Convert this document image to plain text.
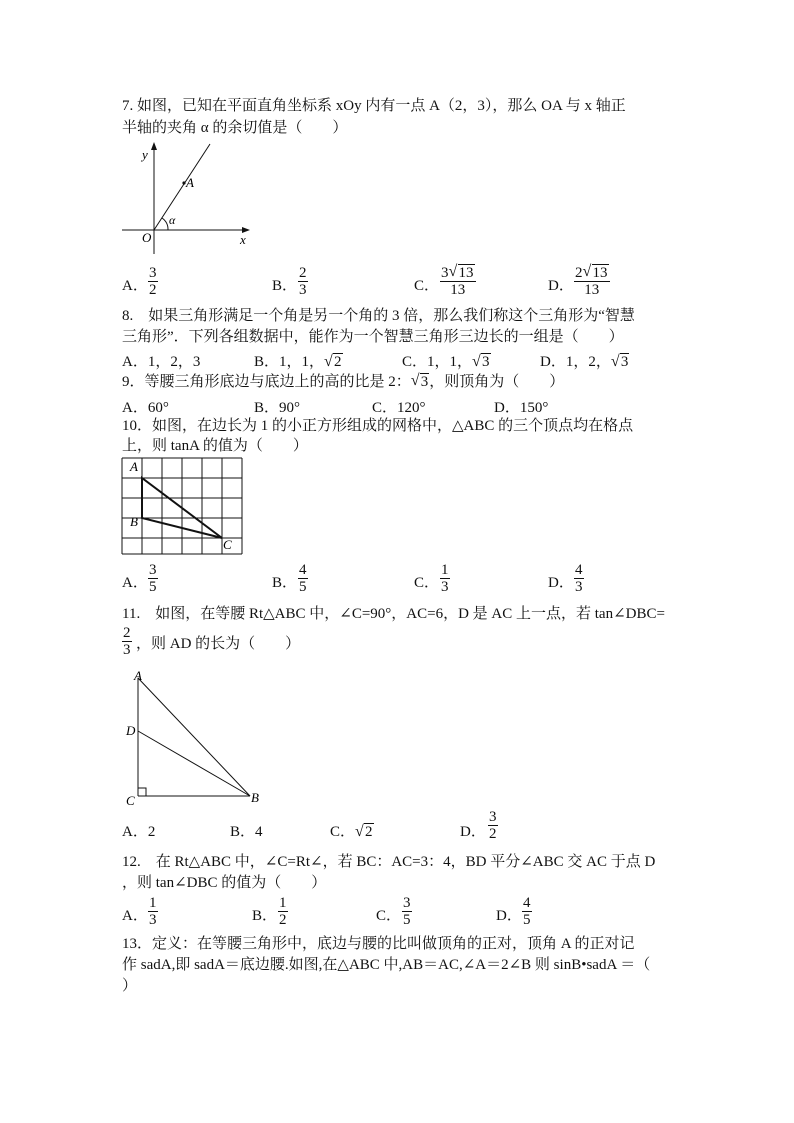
7. 如图，已知在平面直角坐标系 xOy 内有一点 A（2，3），那么 OA 与 x 轴正
半轴的夹角 α 的余切值是（　　）
y
x
O
A
α
A． $\frac{3}{2}$	B． $\frac{2}{3}$	C． $\frac{3 √ 13}{13}$	D． $\frac{2 √ 13}{13}$
8.　如果三角形满足一个角是另一个角的 3 倍，那么我们称这个三角形为“智慧
三角形”．下列各组数据中，能作为一个智慧三角形三边长的一组是（　　）
A．1，2，3	B．1，1， √ 2	C．1，1， √ 3	D．1，2， √ 3
9．等腰三角形底边与底边上的高的比是 2： √ 3，则顶角为（　　）
A．60°	B．90°	C．120°	D．150°
10．如图，在边长为 1 的小正方形组成的网格中，△ABC 的三个顶点均在格点
上，则 tanA 的值为（　　）
A
B
C
A． $\frac{3}{5}$	B． $\frac{4}{5}$	C． $\frac{1}{3}$	D． $\frac{4}{3}$
11.　如图，在等腰 Rt△ABC 中，∠C=90°，AC=6，D 是 AC 上一点，若 tan∠DBC=
$\frac{2}{3}$ ，则 AD 的长为（　　）
A
D
C	B
A．2	B．4	C． √ 2	D． $\frac{3}{2}$
12.　在 Rt△ABC 中，∠C=Rt∠，若 BC：AC=3：4，BD 平分∠ABC 交 AC 于点 D
，则 tan∠DBC 的值为（　　）
A． $\frac{1}{3}$	B． $\frac{1}{2}$	C． $\frac{3}{5}$	D． $\frac{4}{5}$
13．定义：在等腰三角形中，底边与腰的比叫做顶角的正对，顶角 A 的正对记
作 sadA,即 sadA＝底边腰.如图,在△ABC 中,AB＝AC,∠A＝2∠B 则 sinB•sadA ＝（
）
